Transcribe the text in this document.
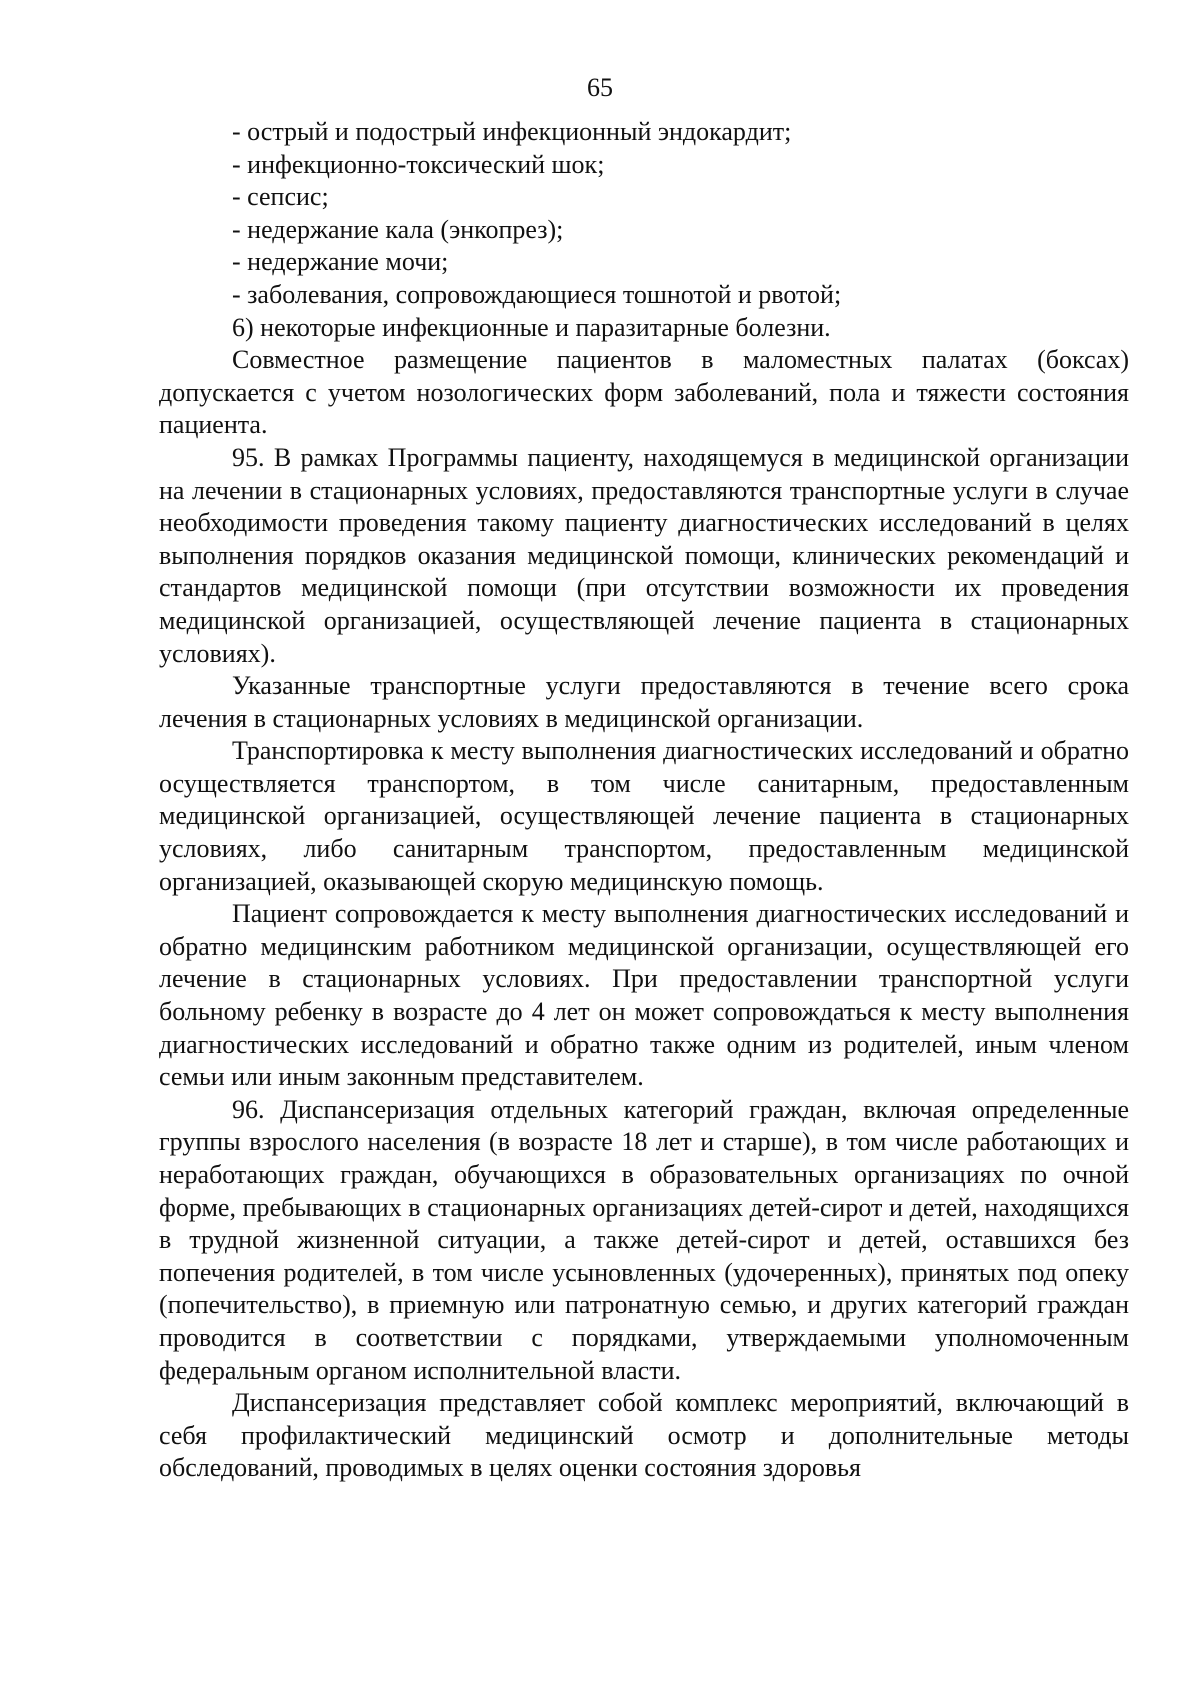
65

- острый и подострый инфекционный эндокардит;

- инфекционно-токсический шок;

- сепсис;

- недержание кала (энкопрез);

- недержание мочи;

- заболевания, сопровождающиеся тошнотой и рвотой;

6) некоторые инфекционные и паразитарные болезни.

Совместное размещение пациентов в маломестных палатах (боксах) допускается с учетом нозологических форм заболеваний, пола и тяжести состояния пациента.

95. В рамках Программы пациенту, находящемуся в медицинской организации на лечении в стационарных условиях, предоставляются транспортные услуги в случае необходимости проведения такому пациенту диагностических исследований в целях выполнения порядков оказания медицинской помощи, клинических рекомендаций и стандартов медицинской помощи (при отсутствии возможности их проведения медицинской организацией, осуществляющей лечение пациента в стационарных условиях).

Указанные транспортные услуги предоставляются в течение всего срока лечения в стационарных условиях в медицинской организации.

Транспортировка к месту выполнения диагностических исследований и обратно осуществляется транспортом, в том числе санитарным, предоставленным медицинской организацией, осуществляющей лечение пациента в стационарных условиях, либо санитарным транспортом, предоставленным медицинской организацией, оказывающей скорую медицинскую помощь.

Пациент сопровождается к месту выполнения диагностических исследований и обратно медицинским работником медицинской организации, осуществляющей его лечение в стационарных условиях. При предоставлении транспортной услуги больному ребенку в возрасте до 4 лет он может сопровождаться к месту выполнения диагностических исследований и обратно также одним из родителей, иным членом семьи или иным законным представителем.

96. Диспансеризация отдельных категорий граждан, включая определенные группы взрослого населения (в возрасте 18 лет и старше), в том числе работающих и неработающих граждан, обучающихся в образовательных организациях по очной форме, пребывающих в стационарных организациях детей-сирот и детей, находящихся в трудной жизненной ситуации, а также детей-сирот и детей, оставшихся без попечения родителей, в том числе усыновленных (удочеренных), принятых под опеку (попечительство), в приемную или патронатную семью, и других категорий граждан проводится в соответствии с порядками, утверждаемыми уполномоченным федеральным органом исполнительной власти.

Диспансеризация представляет собой комплекс мероприятий, включающий в себя профилактический медицинский осмотр и дополнительные методы обследований, проводимых в целях оценки состояния здоровья
